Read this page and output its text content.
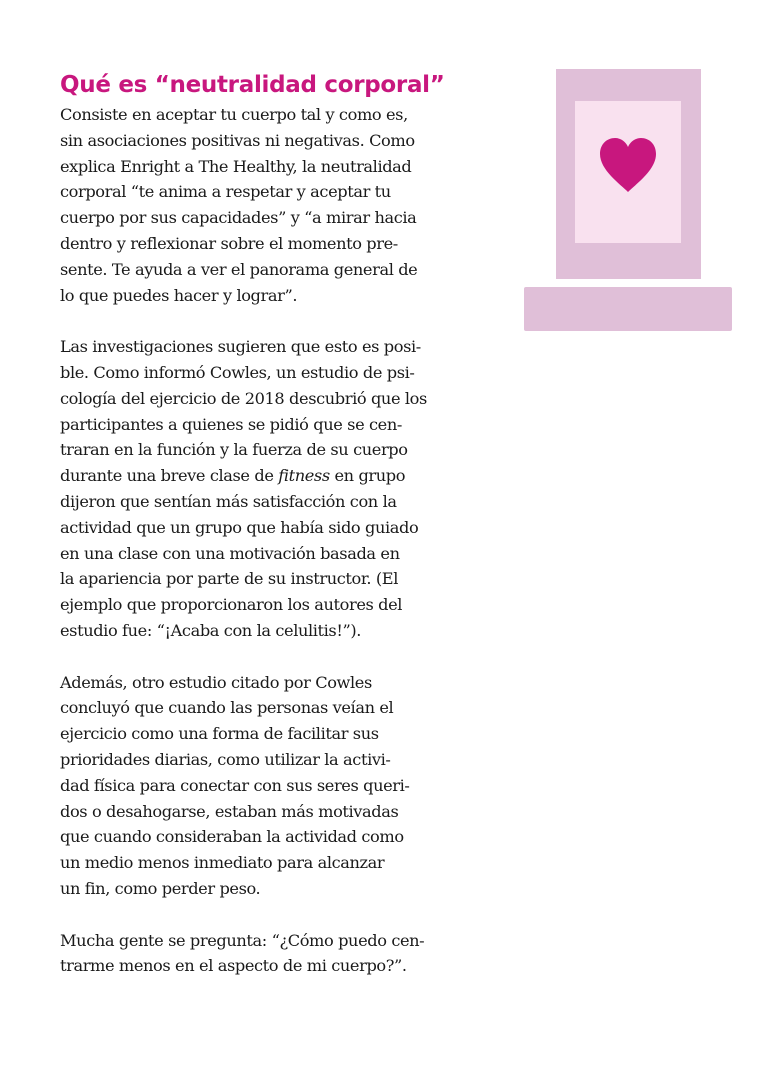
Qué es “neutralidad corporal”

Consiste en aceptar tu cuerpo tal y como es,
sin asociaciones positivas ni negativas. Como
explica Enright a The Healthy, la neutralidad
corporal “te anima a respetar y aceptar tu
cuerpo por sus capacidades” y “a mirar hacia
dentro y reflexionar sobre el momento pre-
sente. Te ayuda a ver el panorama general de
lo que puedes hacer y lograr”.

Las investigaciones sugieren que esto es posi-
ble. Como informó Cowles, un estudio de psi-
cología del ejercicio de 2018 descubrió que los
participantes a quienes se pidió que se cen-
traran en la función y la fuerza de su cuerpo
durante una breve clase de fitness en grupo
dijeron que sentían más satisfacción con la
actividad que un grupo que había sido guiado
en una clase con una motivación basada en
la apariencia por parte de su instructor. (El
ejemplo que proporcionaron los autores del
estudio fue: “¡Acaba con la celulitis!”).

Además, otro estudio citado por Cowles
concluyó que cuando las personas veían el
ejercicio como una forma de facilitar sus
prioridades diarias, como utilizar la activi-
dad física para conectar con sus seres queri-
dos o desahogarse, estaban más motivadas
que cuando consideraban la actividad como
un medio menos inmediato para alcanzar
un fin, como perder peso.

Mucha gente se pregunta: “¿Cómo puedo cen-
trarme menos en el aspecto de mi cuerpo?”.
